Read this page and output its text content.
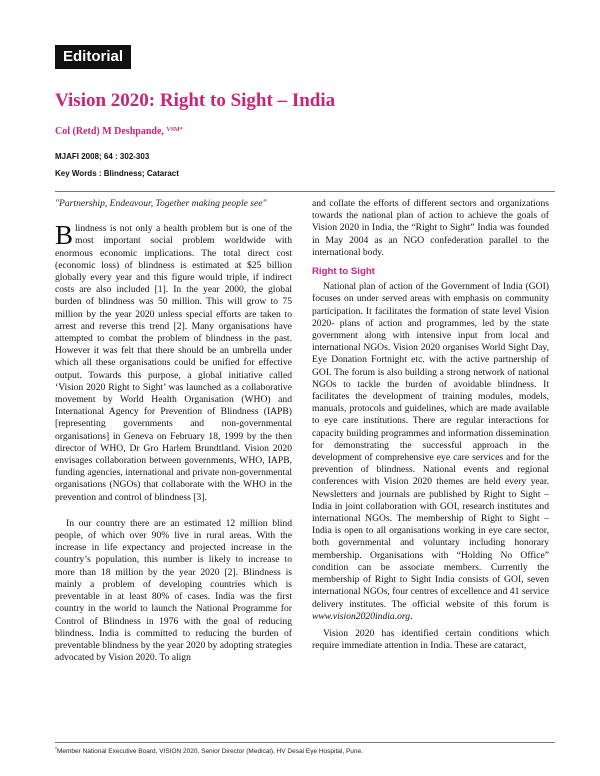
Editorial
Vision 2020: Right to Sight – India
Col (Retd) M Deshpande, $^{VSM*}$
MJAFI 2008; 64 : 302-303
Key Words : Blindness; Cataract

"Partnership, Endeavour, Together making people see"

Blindness is not only a health problem but is one of the most important social problem worldwide with enormous economic implications. The total direct cost (economic loss) of blindness is estimated at $25 billion globally every year and this figure would triple, if indirect costs are also included [1]. In the year 2000, the global burden of blindness was 50 million. This will grow to 75 million by the year 2020 unless special efforts are taken to arrest and reverse this trend [2]. Many organisations have attempted to combat the problem of blindness in the past. However it was felt that there should be an umbrella under which all these organisations could be unified for effective output. Towards this purpose, a global initiative called ‘Vision 2020 Right to Sight’ was launched as a collaborative movement by World Health Organisation (WHO) and International Agency for Prevention of Blindness (IAPB) [representing governments and non-governmental organisations] in Geneva on February 18, 1999 by the then director of WHO, Dr Gro Harlem Brundtland. Vision 2020 envisages collaboration between governments, WHO, IAPB, funding agencies, international and private non-governmental organisations (NGOs) that collaborate with the WHO in the prevention and control of blindness [3].

In our country there are an estimated 12 million blind people, of which over 90% live in rural areas. With the increase in life expectancy and projected increase in the country’s population, this number is likely to increase to more than 18 million by the year 2020 [2]. Blindness is mainly a problem of developing countries which is preventable in at least 80% of cases. India was the first country in the world to launch the National Programme for Control of Blindness in 1976 with the goal of reducing blindness. India is committed to reducing the burden of preventable blindness by the year 2020 by adopting strategies advocated by Vision 2020. To align

and collate the efforts of different sectors and organizations towards the national plan of action to achieve the goals of Vision 2020 in India, the “Right to Sight” India was founded in May 2004 as an NGO confederation parallel to the international body.

Right to Sight

National plan of action of the Government of India (GOI) focuses on under served areas with emphasis on community participation. It facilitates the formation of state level Vision 2020- plans of action and programmes, led by the state government along with intensive input from local and international NGOs. Vision 2020 organises World Sight Day, Eye Donation Fortnight etc. with the active partnership of GOI. The forum is also building a strong network of national NGOs to tackle the burden of avoidable blindness. It facilitates the development of training modules, models, manuals, protocols and guidelines, which are made available to eye care institutions. There are regular interactions for capacity building programmes and information dissemination for demonstrating the successful approach in the development of comprehensive eye care services and for the prevention of blindness. National events and regional conferences with Vision 2020 themes are held every year. Newsletters and journals are published by Right to Sight –India in joint collaboration with GOI, research institutes and international NGOs. The membership of Right to Sight – India is open to all organisations working in eye care sector, both governmental and voluntary including honorary membership. Organisations with “Holding No Office” condition can be associate members. Currently the membership of Right to Sight India consists of GOI, seven international NGOs, four centres of excellence and 41 service delivery institutes. The official website of this forum is www.vision2020india.org.

Vision 2020 has identified certain conditions which require immediate attention in India. These are cataract,

*Member National Executive Board, VISION 2020, Senior Director (Medical), HV Desai Eye Hospital, Pune.
